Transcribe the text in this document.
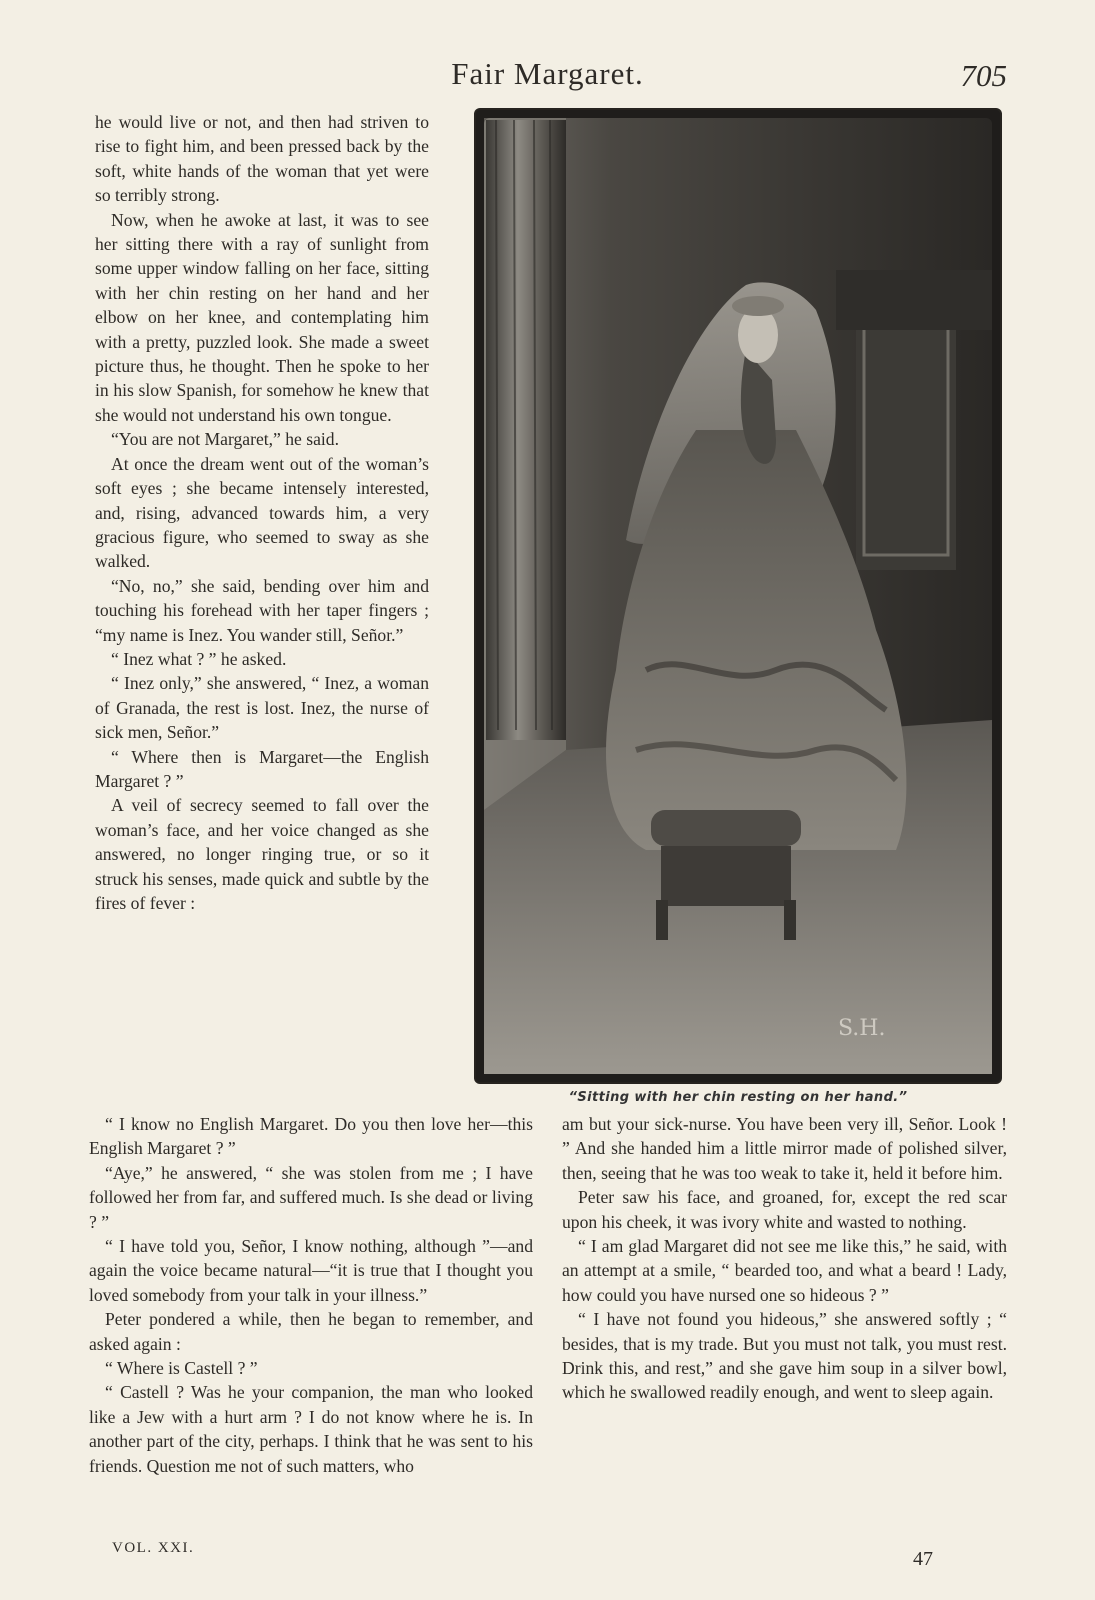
Fair Margaret.	705

he would live or not, and then had striven to rise to fight him, and been pressed back by the soft, white hands of the woman that yet were so terribly strong.

Now, when he awoke at last, it was to see her sitting there with a ray of sunlight from some upper window falling on her face, sitting with her chin resting on her hand and her elbow on her knee, and contemplating him with a pretty, puzzled look. She made a sweet picture thus, he thought. Then he spoke to her in his slow Spanish, for somehow he knew that she would not understand his own tongue.

“You are not Margaret,” he said.

At once the dream went out of the woman’s soft eyes ; she became intensely interested, and, rising, advanced towards him, a very gracious figure, who seemed to sway as she walked.

“No, no,” she said, bending over him and touching his forehead with her taper fingers ; “my name is Inez. You wander still, Señor.”

“ Inez what ? ” he asked.

“ Inez only,” she answered, “ Inez, a woman of Granada, the rest is lost. Inez, the nurse of sick men, Señor.”

“ Where then is Margaret—the English Margaret ? ”

A veil of secrecy seemed to fall over the woman’s face, and her voice changed as she answered, no longer ringing true, or so it struck his senses, made quick and subtle by the fires of fever :

S.H.
“Sitting with her chin resting on her hand.”

“ I know no English Margaret. Do you then love her—this English Margaret ? ”

“Aye,” he answered, “ she was stolen from me ; I have followed her from far, and suffered much. Is she dead or living ? ”

“ I have told you, Señor, I know nothing, although ”—and again the voice became natural—“it is true that I thought you loved somebody from your talk in your illness.”

Peter pondered a while, then he began to remember, and asked again :

“ Where is Castell ? ”

“ Castell ? Was he your companion, the man who looked like a Jew with a hurt arm ? I do not know where he is. In another part of the city, perhaps. I think that he was sent to his friends. Question me not of such matters, who

am but your sick-nurse. You have been very ill, Señor. Look ! ” And she handed him a little mirror made of polished silver, then, seeing that he was too weak to take it, held it before him.

Peter saw his face, and groaned, for, except the red scar upon his cheek, it was ivory white and wasted to nothing.

“ I am glad Margaret did not see me like this,” he said, with an attempt at a smile, “ bearded too, and what a beard ! Lady, how could you have nursed one so hideous ? ”

“ I have not found you hideous,” she answered softly ; “ besides, that is my trade. But you must not talk, you must rest. Drink this, and rest,” and she gave him soup in a silver bowl, which he swallowed readily enough, and went to sleep again.

VOL. XXI.	47
